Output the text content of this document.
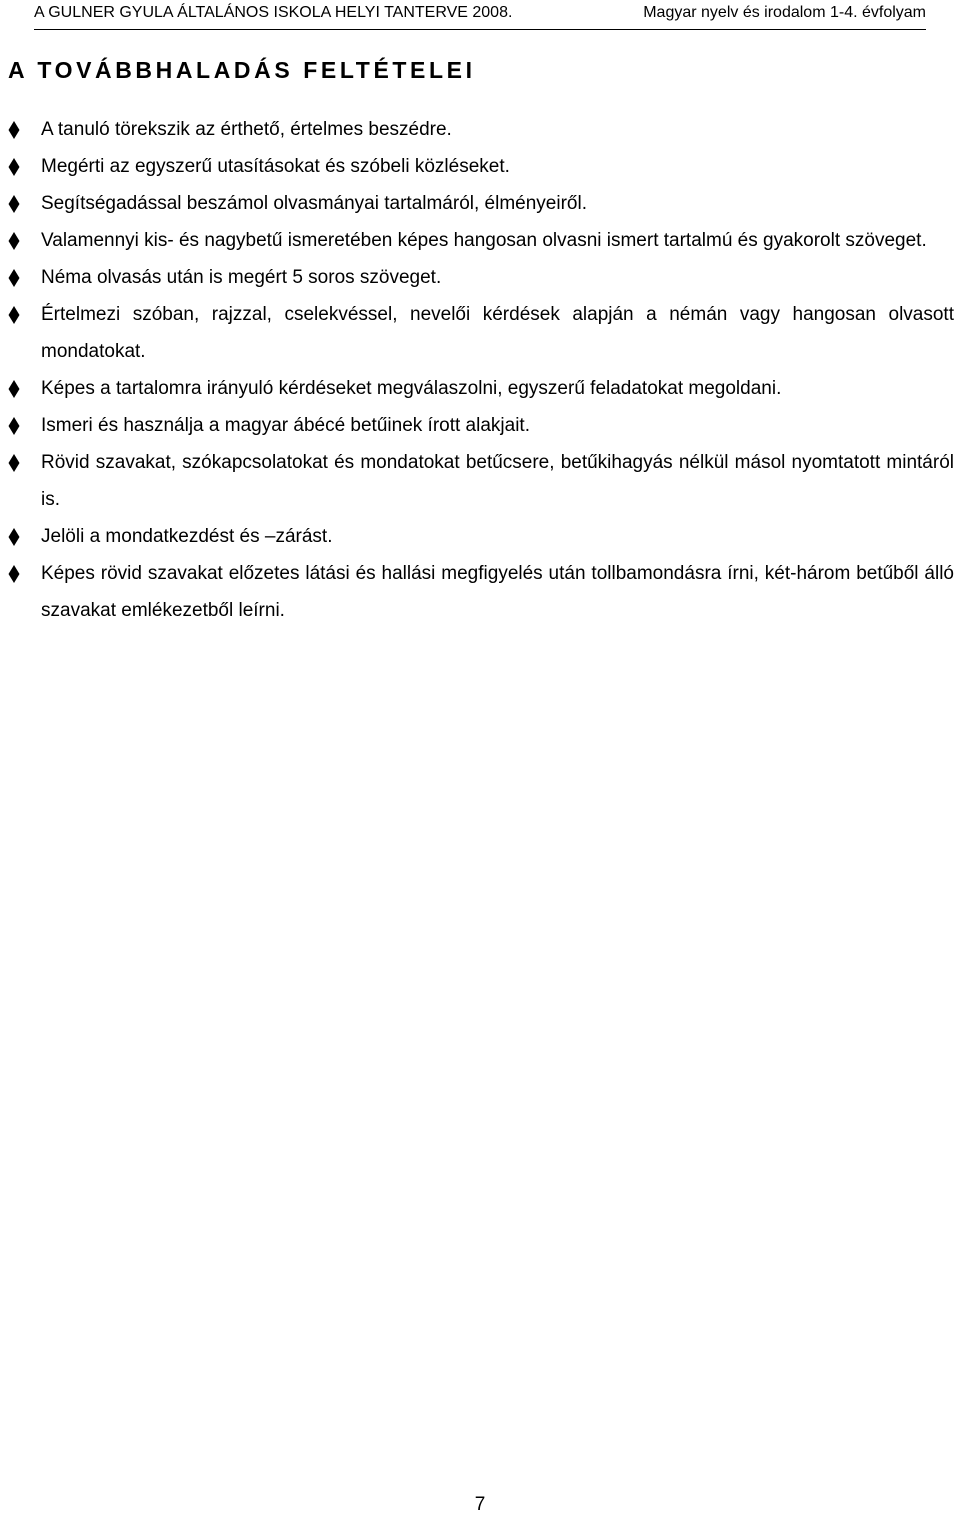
A GULNER GYULA ÁLTALÁNOS ISKOLA HELYI TANTERVE 2008.	Magyar nyelv és irodalom 1-4. évfolyam
A TOVÁBBHALADÁS FELTÉTELEI
A tanuló törekszik az érthető, értelmes beszédre.
Megérti az egyszerű utasításokat és szóbeli közléseket.
Segítségadással beszámol olvasmányai tartalmáról, élményeiről.
Valamennyi kis- és nagybetű ismeretében képes hangosan olvasni ismert tartalmú és gyakorolt szöveget.
Néma olvasás után is megért 5 soros szöveget.
Értelmezi szóban, rajzzal, cselekvéssel, nevelői kérdések alapján a némán vagy hangosan olvasott mondatokat.
Képes a tartalomra irányuló kérdéseket megválaszolni, egyszerű feladatokat megoldani.
Ismeri és használja a magyar ábécé betűinek írott alakjait.
Rövid szavakat, szókapcsolatokat és mondatokat betűcsere, betűkihagyás nélkül másol nyomtatott mintáról is.
Jelöli a mondatkezdést és –zárást.
Képes rövid szavakat előzetes látási és hallási megfigyelés után tollbamondásra írni, két-három betűből álló szavakat emlékezetből leírni.
7
